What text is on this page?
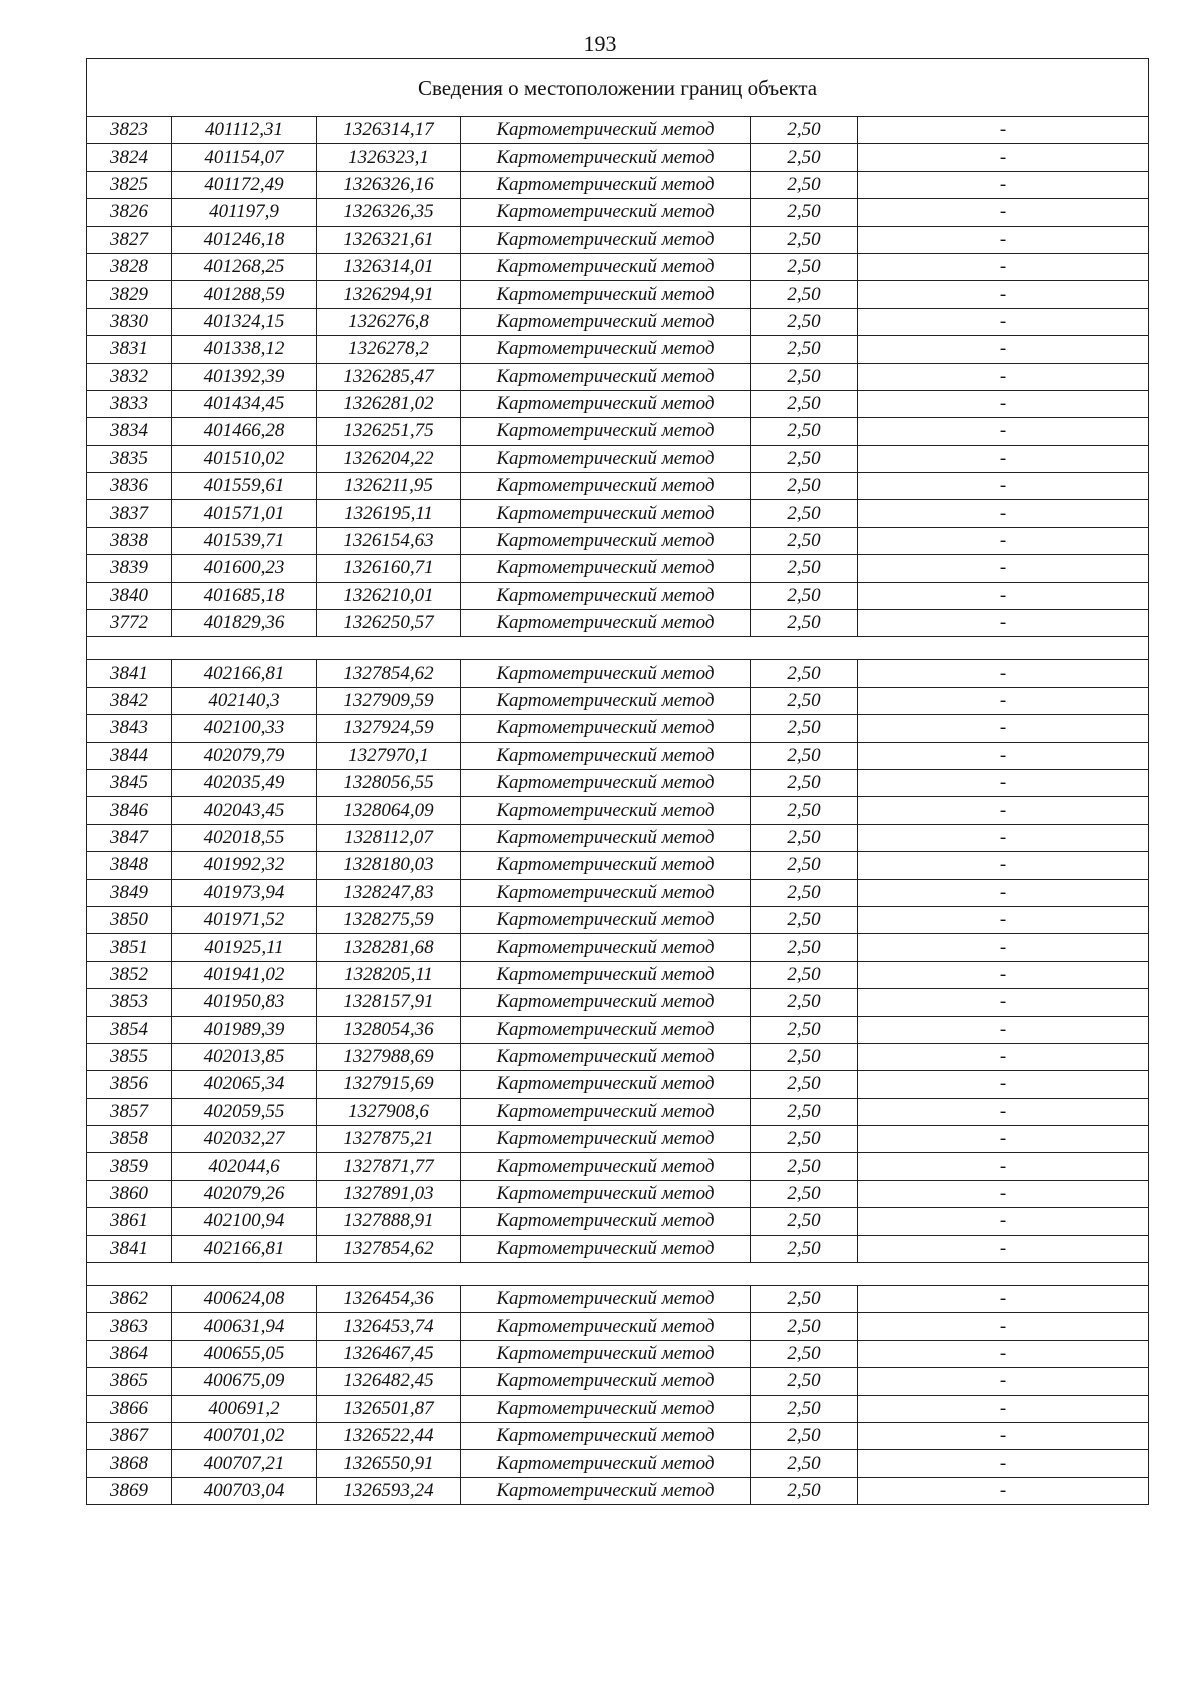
193
Сведения о местоположении границ объекта					
3823	401112,31	1326314,17	Картометрический метод	2,50	-
3824	401154,07	1326323,1	Картометрический метод	2,50	-
3825	401172,49	1326326,16	Картометрический метод	2,50	-
3826	401197,9	1326326,35	Картометрический метод	2,50	-
3827	401246,18	1326321,61	Картометрический метод	2,50	-
3828	401268,25	1326314,01	Картометрический метод	2,50	-
3829	401288,59	1326294,91	Картометрический метод	2,50	-
3830	401324,15	1326276,8	Картометрический метод	2,50	-
3831	401338,12	1326278,2	Картометрический метод	2,50	-
3832	401392,39	1326285,47	Картометрический метод	2,50	-
3833	401434,45	1326281,02	Картометрический метод	2,50	-
3834	401466,28	1326251,75	Картометрический метод	2,50	-
3835	401510,02	1326204,22	Картометрический метод	2,50	-
3836	401559,61	1326211,95	Картометрический метод	2,50	-
3837	401571,01	1326195,11	Картометрический метод	2,50	-
3838	401539,71	1326154,63	Картометрический метод	2,50	-
3839	401600,23	1326160,71	Картометрический метод	2,50	-
3840	401685,18	1326210,01	Картометрический метод	2,50	-
3772	401829,36	1326250,57	Картометрический метод	2,50	-

3841	402166,81	1327854,62	Картометрический метод	2,50	-
3842	402140,3	1327909,59	Картометрический метод	2,50	-
3843	402100,33	1327924,59	Картометрический метод	2,50	-
3844	402079,79	1327970,1	Картометрический метод	2,50	-
3845	402035,49	1328056,55	Картометрический метод	2,50	-
3846	402043,45	1328064,09	Картометрический метод	2,50	-
3847	402018,55	1328112,07	Картометрический метод	2,50	-
3848	401992,32	1328180,03	Картометрический метод	2,50	-
3849	401973,94	1328247,83	Картометрический метод	2,50	-
3850	401971,52	1328275,59	Картометрический метод	2,50	-
3851	401925,11	1328281,68	Картометрический метод	2,50	-
3852	401941,02	1328205,11	Картометрический метод	2,50	-
3853	401950,83	1328157,91	Картометрический метод	2,50	-
3854	401989,39	1328054,36	Картометрический метод	2,50	-
3855	402013,85	1327988,69	Картометрический метод	2,50	-
3856	402065,34	1327915,69	Картометрический метод	2,50	-
3857	402059,55	1327908,6	Картометрический метод	2,50	-
3858	402032,27	1327875,21	Картометрический метод	2,50	-
3859	402044,6	1327871,77	Картометрический метод	2,50	-
3860	402079,26	1327891,03	Картометрический метод	2,50	-
3861	402100,94	1327888,91	Картометрический метод	2,50	-
3841	402166,81	1327854,62	Картометрический метод	2,50	-

3862	400624,08	1326454,36	Картометрический метод	2,50	-
3863	400631,94	1326453,74	Картометрический метод	2,50	-
3864	400655,05	1326467,45	Картометрический метод	2,50	-
3865	400675,09	1326482,45	Картометрический метод	2,50	-
3866	400691,2	1326501,87	Картометрический метод	2,50	-
3867	400701,02	1326522,44	Картометрический метод	2,50	-
3868	400707,21	1326550,91	Картометрический метод	2,50	-
3869	400703,04	1326593,24	Картометрический метод	2,50	-
